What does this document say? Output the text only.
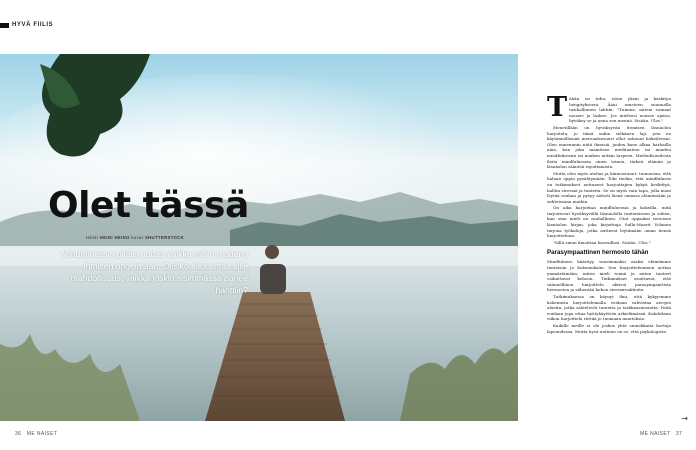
HYVÄ FIILIS
Olet tässä
teksti HEIDI HEINO kuvat SHUTTERSTOCK
Mindfulnessin pitäisi auttaa vaikka mihin moderni ihmisen ongelmaan. Olisiko aika antaa sille mahdollisuus, vaikka joskin sisimmässä panee hanttiin?
36 ME NAISET	ME NAISET 37
T ähän on tuhu: istun yksin ja keskityn hengitykseeni. Ääni musteen suunnalla tasihallinnen lahtiin. "Tumma, mitem vainaat nousee ja laskee. Jos mieleesi nousee ajatus, hyväksy se ja anna sen mennä. Sisään. Ulos."

Menetillään on hyväksyvän itemisen läsnäolon harjoitelu, jo tämä onkin selkänen laji, jota en käytännöllisnää moreaalsesuuri ollut uskonut kokeilevani. Olen ennennnin niitä ihmisiä, joiden kane alkaa harhailla aina, kun joku mainitsee meditaation tai muiden mindfulnessin tai maiken mitäin tarpeen. Mielenlisuudesta iloita mindfulnessin oinen toinen, tärkeä elämän ja läsnäolon sääntöä rajoittamista.

Mutta olen myös utelias ja kiinnostunut: tunnustan, että haluan oppia pysähtymään. Toki tiedän, että mindfulness on tutkimukset auttaneet harjoittajien kykyä keskittyä, hallita stressiä ja tunteita. Se on myös vain tapa, jolla moni löytää rauhan ja pysyy aidosti läsnä omassa elämässään ja suhteissaan muihin.

On aika harjoittaa mindfulnessia ja kokeilla, mitä tarjoutuvat hyväksyvällä läsnäololla tuntemiseen ja siihen, kun oma mieli on rauhallinen. Otat oppaaksi tietoisen läsnäolon kirjan, joka kirjoittaja Sulla-Maarit Volanen tarjoaa työkaluja, jotka auttavat löytämään oman tiensä harjoitteluun.

"Sillä sinun ilmoittaa kasvaillasi. Sisään. Ulos."

Parasympaattinen hermosto tähän

Mindfulness käärityy suurimmaksi osaksi elämämme tunteisiin ja kokemuksiin. Sen harjoitteleminen auttaa ymmärtämään, miten mieli toimii ja miten tunteet vaikuttavat kehoon. Tutkimukset osoittavat, että säännöllinen harjoittelu aktivoi parasympaattista hermostoa ja vähentää kehon stressireaktioita.

Tutkimuksessa on käynyt ilmi, että kykyjemme kokemista harjoittelemalla voidaan vahvistaa aivojen alueita, jotka säätelevät tunteita ja tarkkaavaisuutta. Niitä voidaan jopa ottaa hyötykäyttöön arkielämässä. Kahdeksan viikon harjoittelu riittää jo tuomaan muutoksia.

Kaikille meille ei ole joskus yhtä omnekkaita korteja lapsuudessa. Mutta hyvä uutinen on se, että psykologista

→
